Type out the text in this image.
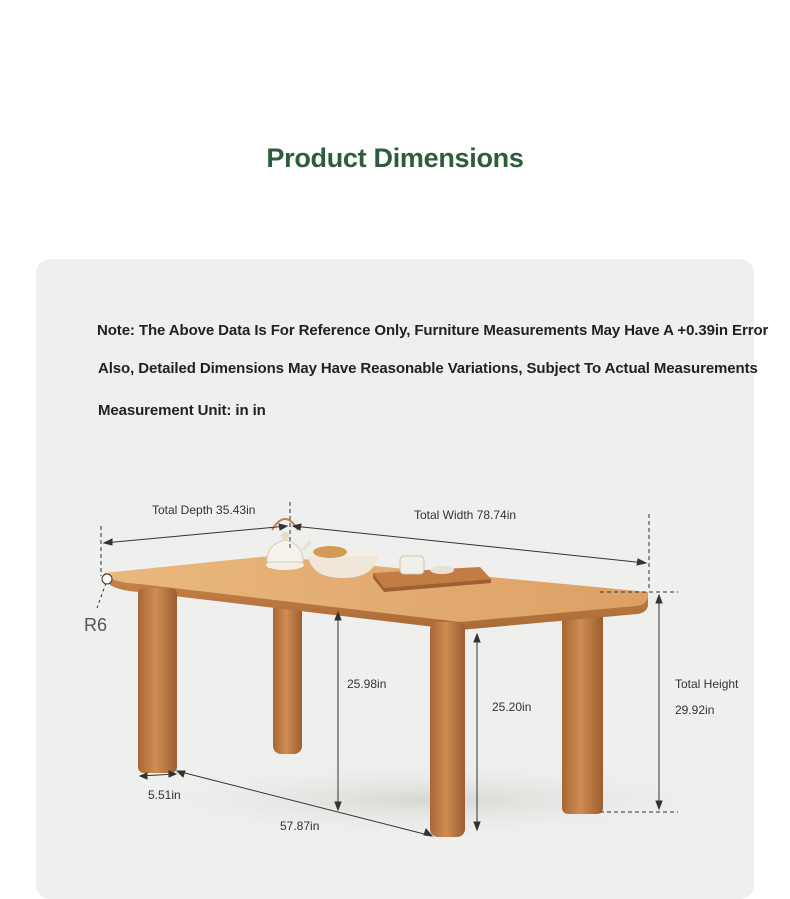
Product Dimensions
Note: The Above Data Is For Reference Only, Furniture Measurements May Have A +0.39in Error
Also, Detailed Dimensions May Have Reasonable Variations, Subject To Actual Measurements
Measurement Unit: in in
Total Depth 35.43in	Total Width 78.74in
R6
25.98in
25.20in
Total Height
29.92in
5.51in
57.87in
